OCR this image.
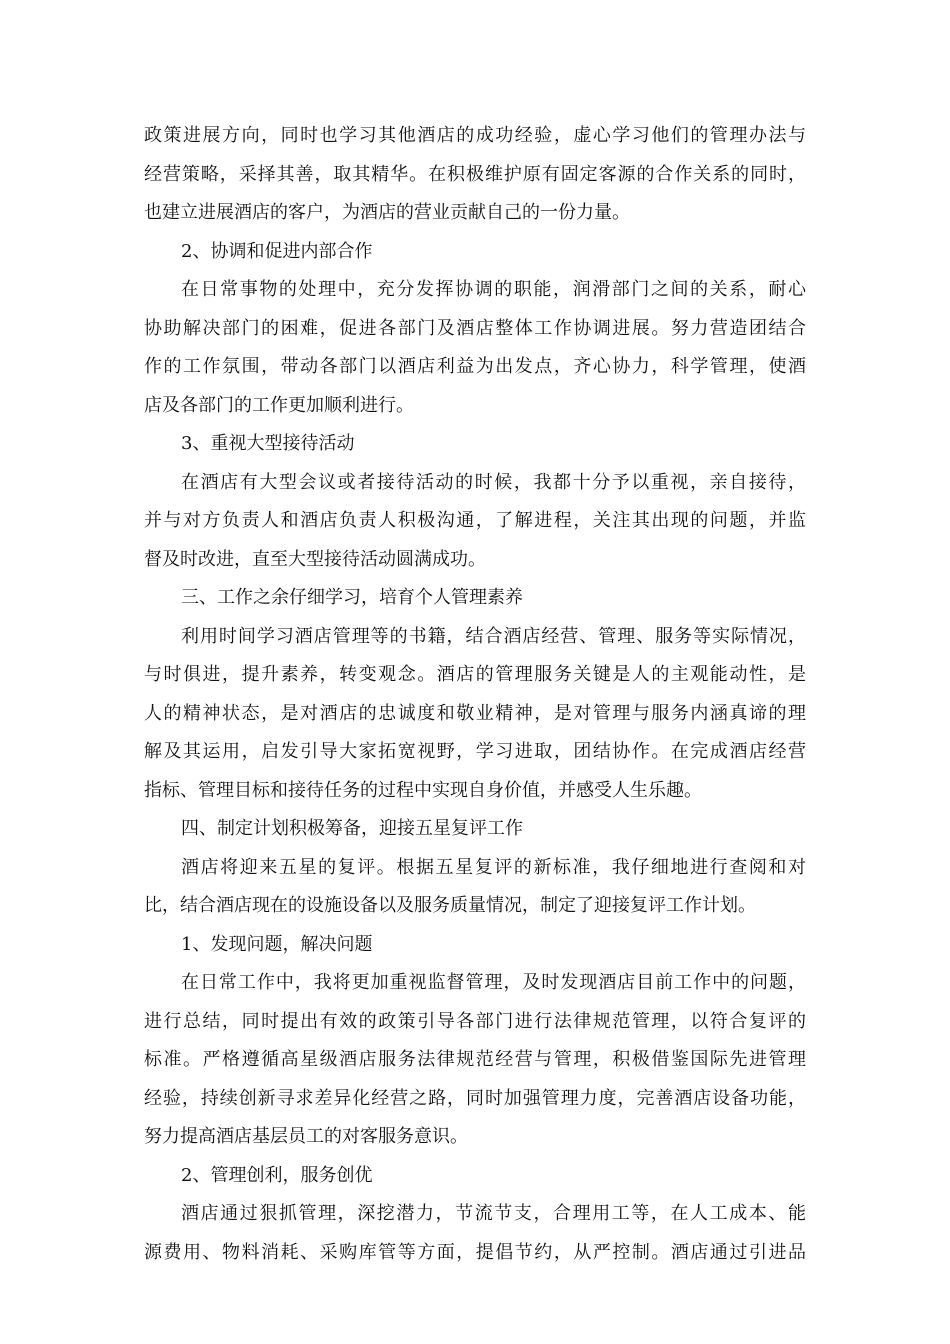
政策进展方向，同时也学习其他酒店的成功经验，虚心学习他们的管理办法与
经营策略，采择其善，取其精华。在积极维护原有固定客源的合作关系的同时，
也建立进展酒店的客户，为酒店的营业贡献自己的一份力量。
2、协调和促进内部合作
在日常事物的处理中，充分发挥协调的职能，润滑部门之间的关系，耐心
协助解决部门的困难，促进各部门及酒店整体工作协调进展。努力营造团结合
作的工作氛围，带动各部门以酒店利益为出发点，齐心协力，科学管理，使酒
店及各部门的工作更加顺利进行。
3、重视大型接待活动
在酒店有大型会议或者接待活动的时候，我都十分予以重视，亲自接待，
并与对方负责人和酒店负责人积极沟通，了解进程，关注其出现的问题，并监
督及时改进，直至大型接待活动圆满成功。
三、工作之余仔细学习，培育个人管理素养
利用时间学习酒店管理等的书籍，结合酒店经营、管理、服务等实际情况，
与时俱进，提升素养，转变观念。酒店的管理服务关键是人的主观能动性，是
人的精神状态，是对酒店的忠诚度和敬业精神，是对管理与服务内涵真谛的理
解及其运用，启发引导大家拓宽视野，学习进取，团结协作。在完成酒店经营
指标、管理目标和接待任务的过程中实现自身价值，并感受人生乐趣。
四、制定计划积极筹备，迎接五星复评工作
酒店将迎来五星的复评。根据五星复评的新标准，我仔细地进行查阅和对
比，结合酒店现在的设施设备以及服务质量情况，制定了迎接复评工作计划。
1、发现问题，解决问题
在日常工作中，我将更加重视监督管理，及时发现酒店目前工作中的问题，
进行总结，同时提出有效的政策引导各部门进行法律规范管理，以符合复评的
标准。严格遵循高星级酒店服务法律规范经营与管理，积极借鉴国际先进管理
经验，持续创新寻求差异化经营之路，同时加强管理力度，完善酒店设备功能，
努力提高酒店基层员工的对客服务意识。
2、管理创利，服务创优
酒店通过狠抓管理，深挖潜力，节流节支，合理用工等，在人工成本、能
源费用、物料消耗、采购库管等方面，提倡节约，从严控制。酒店通过引进品
